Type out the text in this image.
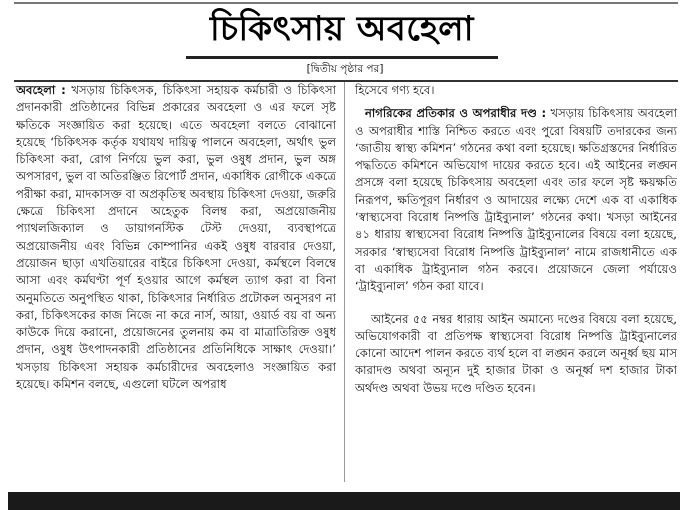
চিকিৎসায় অবহেলা
[দ্বিতীয় পৃষ্ঠার পর]

অবহেলা : খসড়ায় চিকিৎসক, চিকিৎসা সহায়ক কর্মচারী ও চিকিৎসা প্রদানকারী প্রতিষ্ঠানের বিভিন্ন প্রকারের অবহেলা ও এর ফলে সৃষ্ট ক্ষতিকে সংজ্ঞায়িত করা হয়েছে। এতে অবহেলা বলতে বোঝানো হয়েছে ‘চিকিৎসক কর্তৃক যথাযথ দায়িত্ব পালনে অবহেলা, অর্থাৎ ভুল চিকিৎসা করা, রোগ নির্ণয়ে ভুল করা, ভুল ওষুধ প্রদান, ভুল অঙ্গ অপসারণ, ভুল বা অতিরঞ্জিত রিপোর্ট প্রদান, একাধিক রোগীকে একত্রে পরীক্ষা করা, মাদকাসক্ত বা অপ্রকৃতিস্থ অবস্থায় চিকিৎসা দেওয়া, জরুরি ক্ষেত্রে চিকিৎসা প্রদানে অহেতুক বিলম্ব করা, অপ্রয়োজনীয় প্যাথলজিক্যাল ও ডায়াগনস্টিক টেস্ট দেওয়া, ব্যবস্থাপত্রে অপ্রয়োজনীয় এবং বিভিন্ন কোম্পানির একই ওষুধ বারবার দেওয়া, প্রয়োজন ছাড়া এখতিয়ারের বাইরে চিকিৎসা দেওয়া, কর্মস্থলে বিলম্বে আসা এবং কর্মঘণ্টা পূর্ণ হওয়ার আগে কর্মস্থল ত্যাগ করা বা বিনা অনুমতিতে অনুপস্থিত থাকা, চিকিৎসার নির্ধারিত প্রটোকল অনুসরণ না করা, চিকিৎসকের কাজ নিজে না করে নার্স, আয়া, ওয়ার্ড বয় বা অন্য কাউকে দিয়ে করানো, প্রয়োজনের তুলনায় কম বা মাত্রাতিরিক্ত ওষুধ প্রদান, ওষুধ উৎপাদনকারী প্রতিষ্ঠানের প্রতিনিধিকে সাক্ষাৎ দেওয়া।’ খসড়ায় চিকিৎসা সহায়ক কর্মচারীদের অবহেলাও সংজ্ঞায়িত করা হয়েছে। কমিশন বলছে, এগুলো ঘটলে অপরাধ

হিসেবে গণ্য হবে।

নাগরিকের প্রতিকার ও অপরাধীর দণ্ড : খসড়ায় চিকিৎসায় অবহেলা ও অপরাধীর শাস্তি নিশ্চিত করতে এবং পুরো বিষয়টি তদারকের জন্য ‘জাতীয় স্বাস্থ্য কমিশন’ গঠনের কথা বলা হয়েছে। ক্ষতিগ্রস্তদের নির্ধারিত পদ্ধতিতে কমিশনে অভিযোগ দায়ের করতে হবে। এই আইনের লঙ্ঘন প্রসঙ্গে বলা হয়েছে চিকিৎসায় অবহেলা এবং তার ফলে সৃষ্ট ক্ষয়ক্ষতি নিরূপণ, ক্ষতিপূরণ নির্ধারণ ও আদায়ের লক্ষ্যে দেশে এক বা একাধিক ‘স্বাস্থ্যসেবা বিরোধ নিষ্পত্তি ট্রাইব্যুনাল’ গঠনের কথা। খসড়া আইনের ৪১ ধারায় স্বাস্থ্যসেবা বিরোধ নিষ্পত্তি ট্রাইব্যুনালের বিষয়ে বলা হয়েছে, সরকার ‘স্বাস্থ্যসেবা বিরোধ নিষ্পত্তি ট্রাইব্যুনাল’ নামে রাজধানীতে এক বা একাধিক ট্রাইব্যুনাল গঠন করবে। প্রয়োজনে জেলা পর্যায়েও ‘ট্রাইব্যুনাল’ গঠন করা যাবে।

আইনের ৫৫ নম্বর ধারায় আইন অমান্যে দণ্ডের বিষয়ে বলা হয়েছে, অভিযোগকারী বা প্রতিপক্ষ স্বাস্থ্যসেবা বিরোধ নিষ্পত্তি ট্রাইব্যুনালের কোনো আদেশ পালন করতে ব্যর্থ হলে বা লঙ্ঘন করলে অনূর্ধ্ব ছয় মাস কারাদণ্ড অথবা অন্যূন দুই হাজার টাকা ও অনূর্ধ্ব দশ হাজার টাকা অর্থদণ্ড অথবা উভয় দণ্ডে দণ্ডিত হবেন।
